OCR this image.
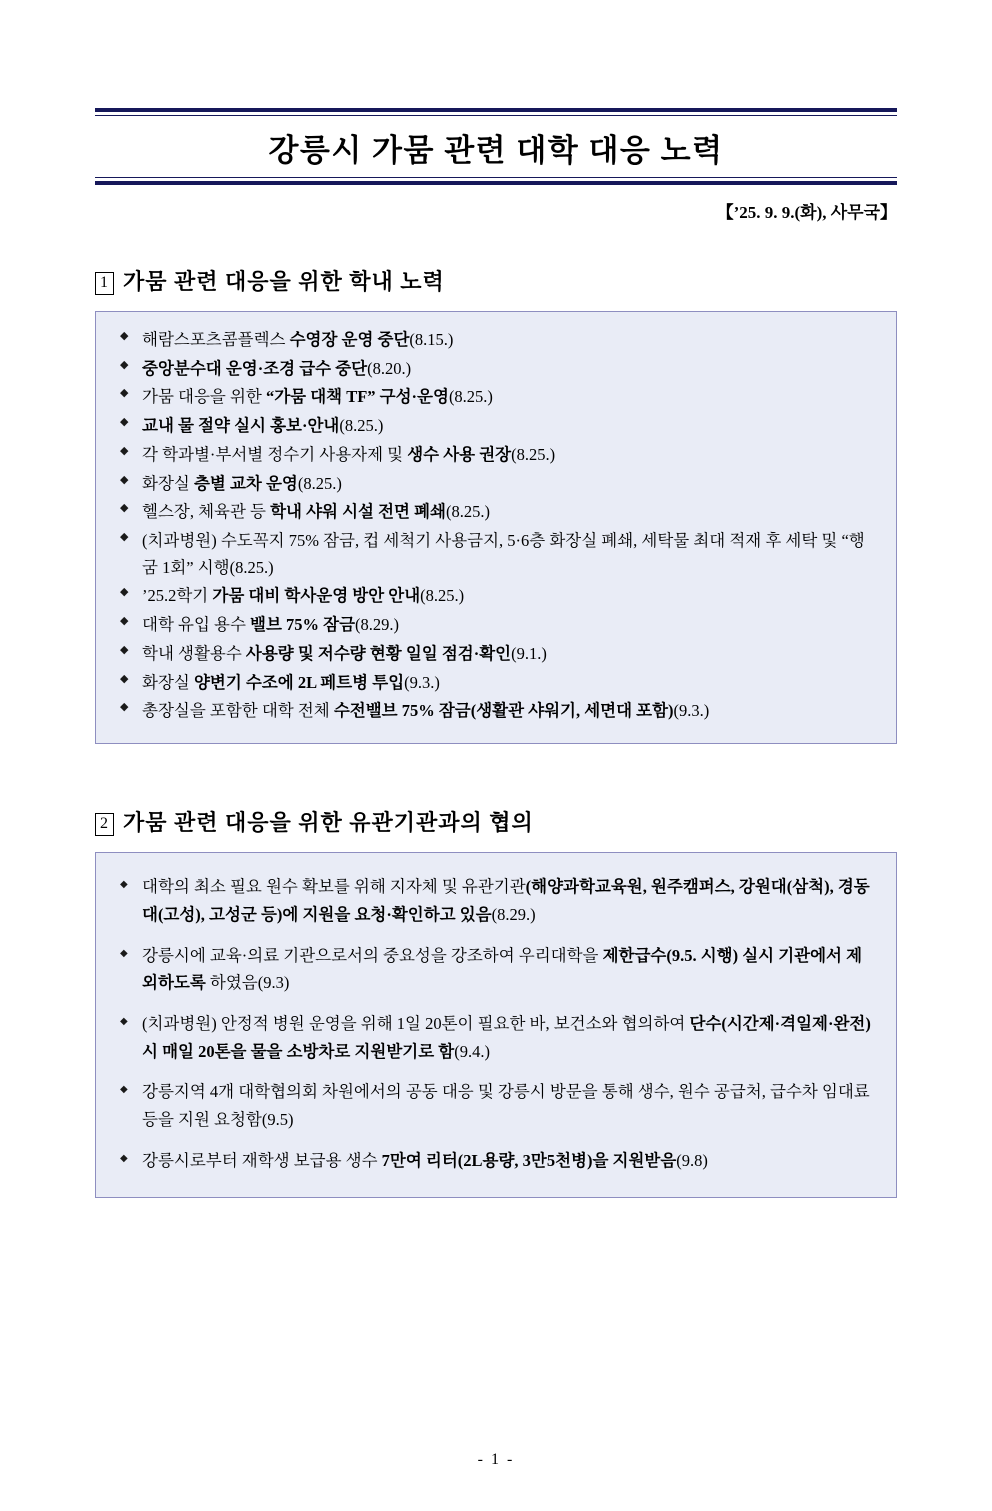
강릉시 가뭄 관련 대학 대응 노력
【’25. 9. 9.(화), 사무국】
1 가뭄 관련 대응을 위한 학내 노력
◆ 해람스포츠콤플렉스 수영장 운영 중단(8.15.)
◆ 중앙분수대 운영·조경 급수 중단(8.20.)
◆ 가뭄 대응을 위한 “가뭄 대책 TF” 구성·운영(8.25.)
◆ 교내 물 절약 실시 홍보·안내(8.25.)
◆ 각 학과별·부서별 정수기 사용자제 및 생수 사용 권장(8.25.)
◆ 화장실 층별 교차 운영(8.25.)
◆ 헬스장, 체육관 등 학내 샤워 시설 전면 폐쇄(8.25.)
◆ (치과병원) 수도꼭지 75% 잠금, 컵 세척기 사용금지, 5·6층 화장실 폐쇄, 세탁물 최대 적재 후 세탁 및 “행굼 1회” 시행(8.25.)
◆ ’25.2학기 가뭄 대비 학사운영 방안 안내(8.25.)
◆ 대학 유입 용수 밸브 75% 잠금(8.29.)
◆ 학내 생활용수 사용량 및 저수량 현황 일일 점검·확인(9.1.)
◆ 화장실 양변기 수조에 2L 페트병 투입(9.3.)
◆ 총장실을 포함한 대학 전체 수전밸브 75% 잠금(생활관 샤워기, 세면대 포함)(9.3.)
2 가뭄 관련 대응을 위한 유관기관과의 협의
◆ 대학의 최소 필요 원수 확보를 위해 지자체 및 유관기관(해양과학교육원, 원주캠퍼스, 강원대(삼척), 경동대(고성), 고성군 등)에 지원을 요청·확인하고 있음(8.29.)
◆ 강릉시에 교육·의료 기관으로서의 중요성을 강조하여 우리대학을 제한급수(9.5. 시행) 실시 기관에서 제외하도록 하였음(9.3)
◆ (치과병원) 안정적 병원 운영을 위해 1일 20톤이 필요한 바, 보건소와 협의하여 단수(시간제·격일제·완전) 시 매일 20톤을 물을 소방차로 지원받기로 함(9.4.)
◆ 강릉지역 4개 대학협의회 차원에서의 공동 대응 및 강릉시 방문을 통해 생수, 원수 공급처, 급수차 임대료 등을 지원 요청함(9.5)
◆ 강릉시로부터 재학생 보급용 생수 7만여 리터(2L용량, 3만5천병)을 지원받음(9.8)
- 1 -
